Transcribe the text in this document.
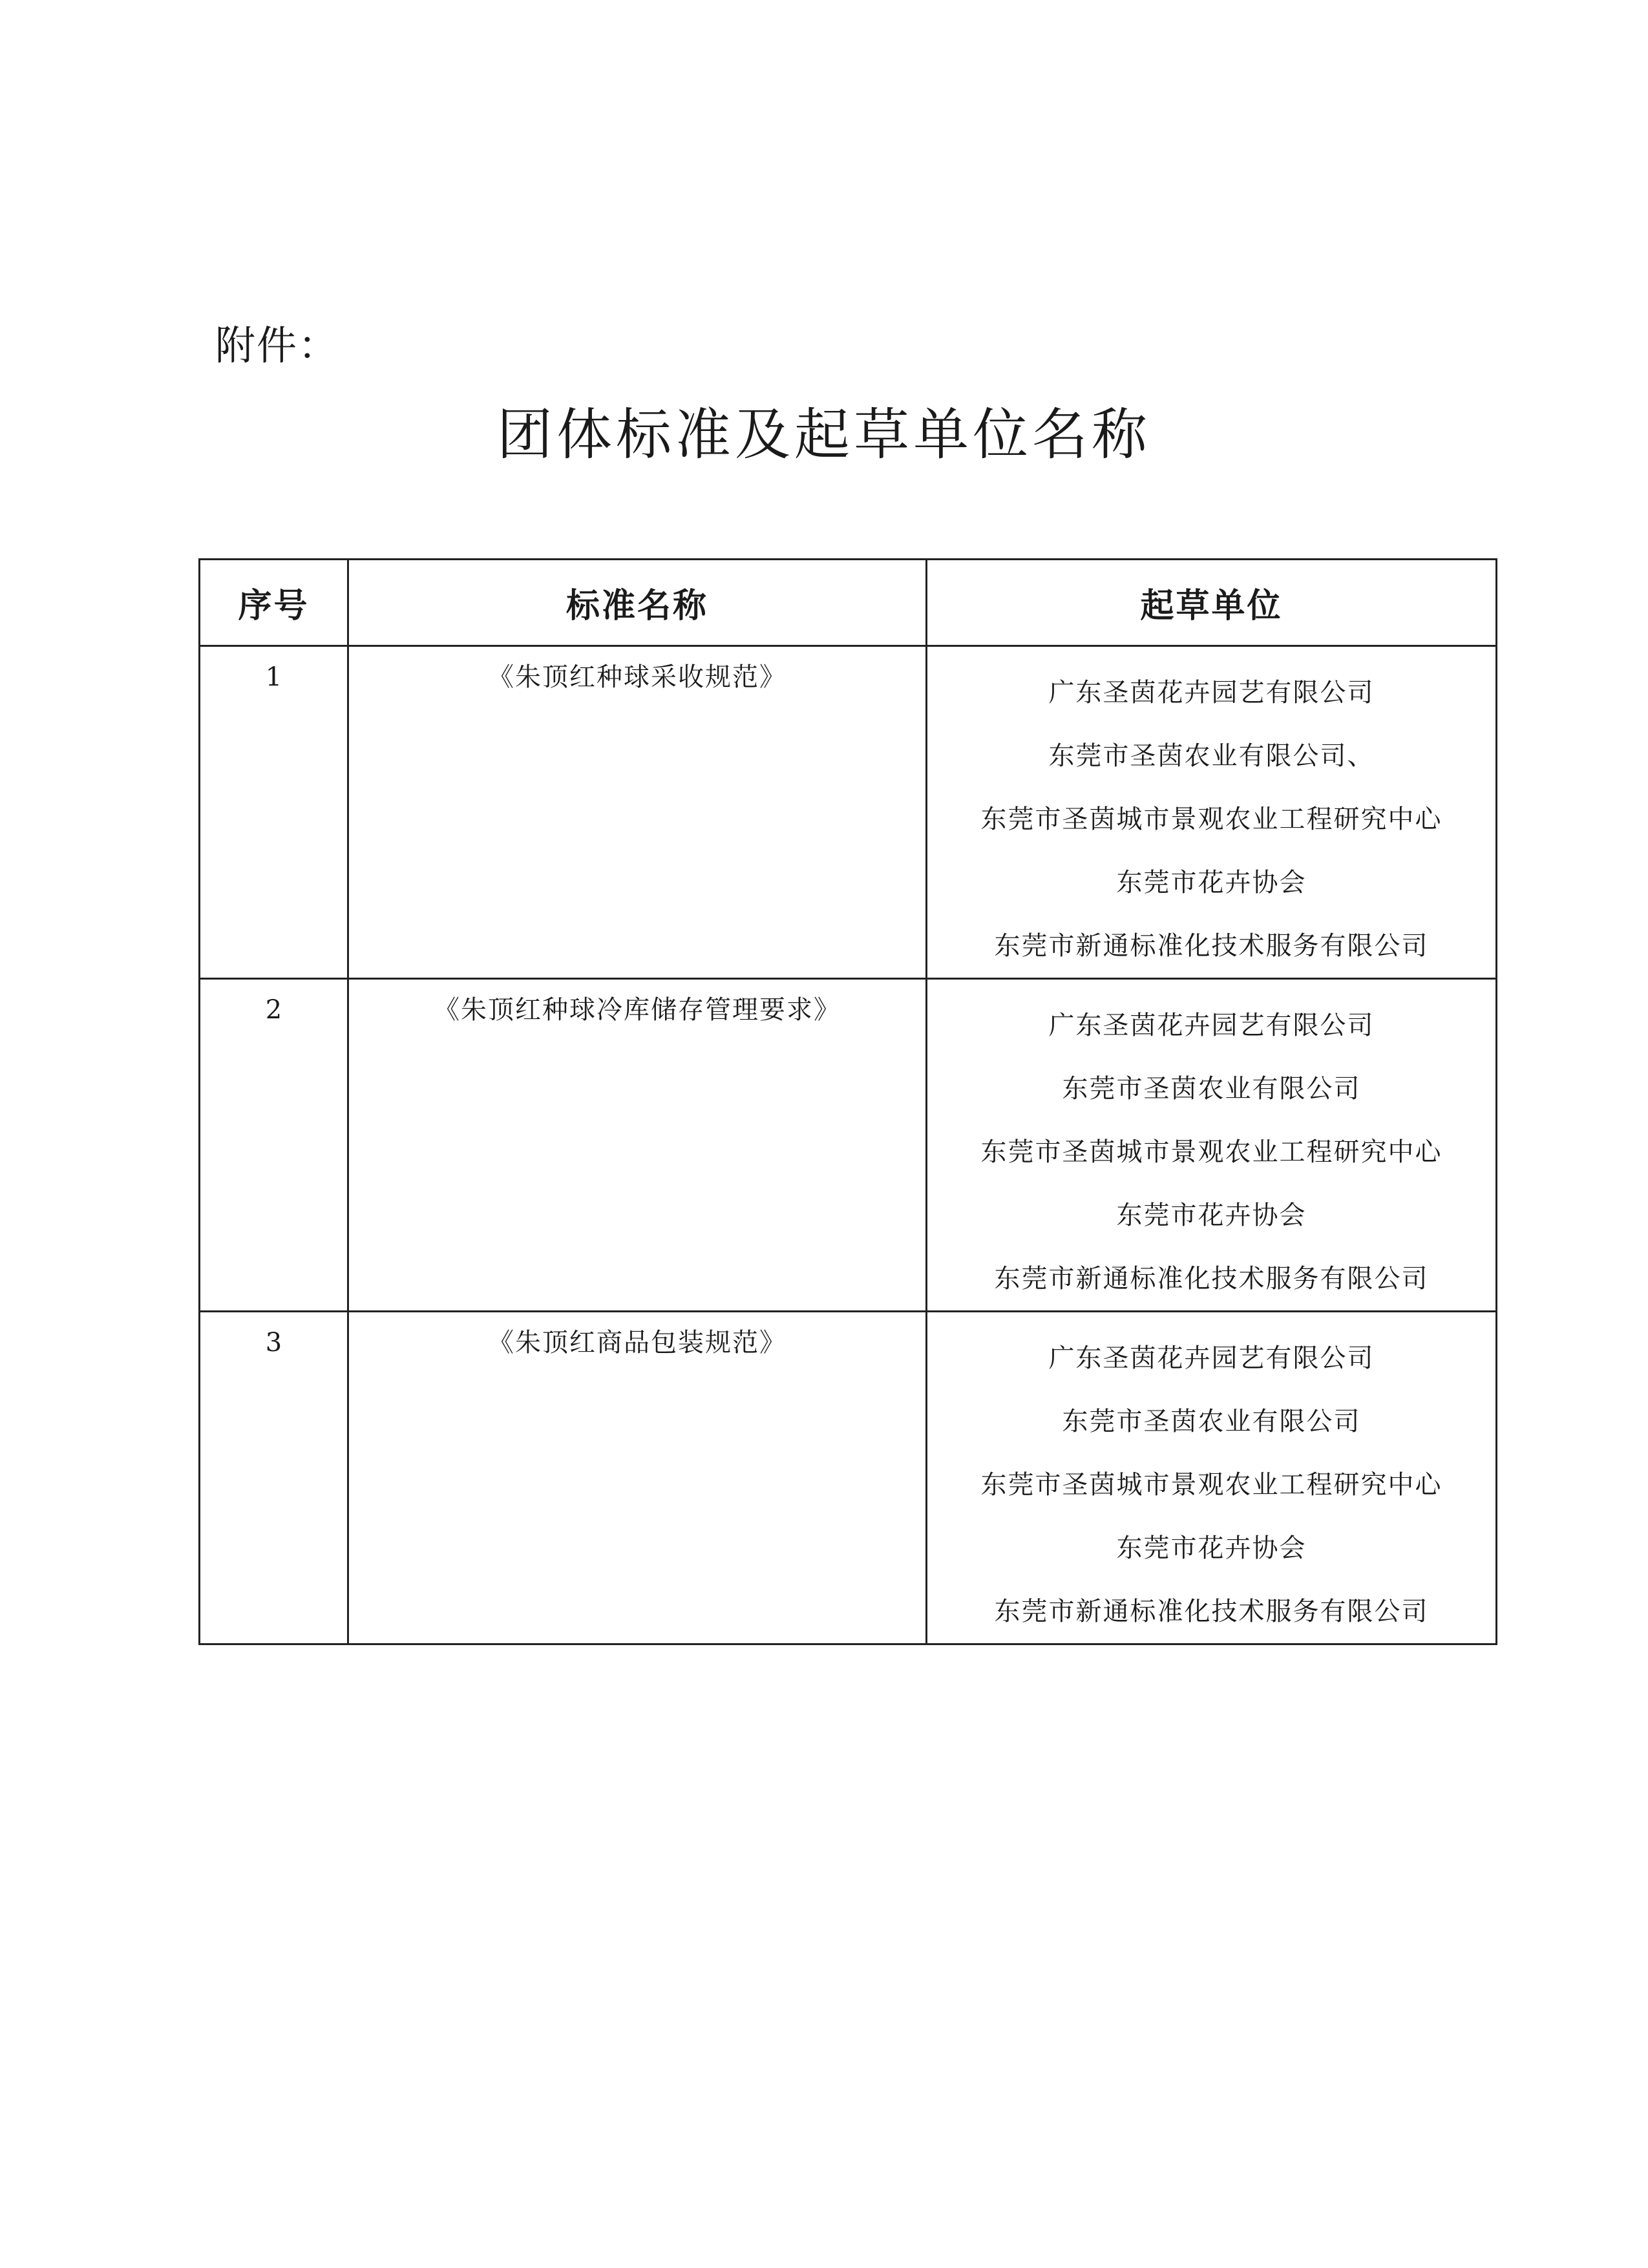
附件：
团体标准及起草单位名称
序号	标准名称	起草单位

1	《朱顶红种球采收规范》	广东圣茵花卉园艺有限公司
东莞市圣茵农业有限公司、
东莞市圣茵城市景观农业工程研究中心
东莞市花卉协会
东莞市新通标准化技术服务有限公司

2	《朱顶红种球冷库储存管理要求》	广东圣茵花卉园艺有限公司
东莞市圣茵农业有限公司
东莞市圣茵城市景观农业工程研究中心
东莞市花卉协会
东莞市新通标准化技术服务有限公司

3	《朱顶红商品包装规范》	广东圣茵花卉园艺有限公司
东莞市圣茵农业有限公司
东莞市圣茵城市景观农业工程研究中心
东莞市花卉协会
东莞市新通标准化技术服务有限公司
